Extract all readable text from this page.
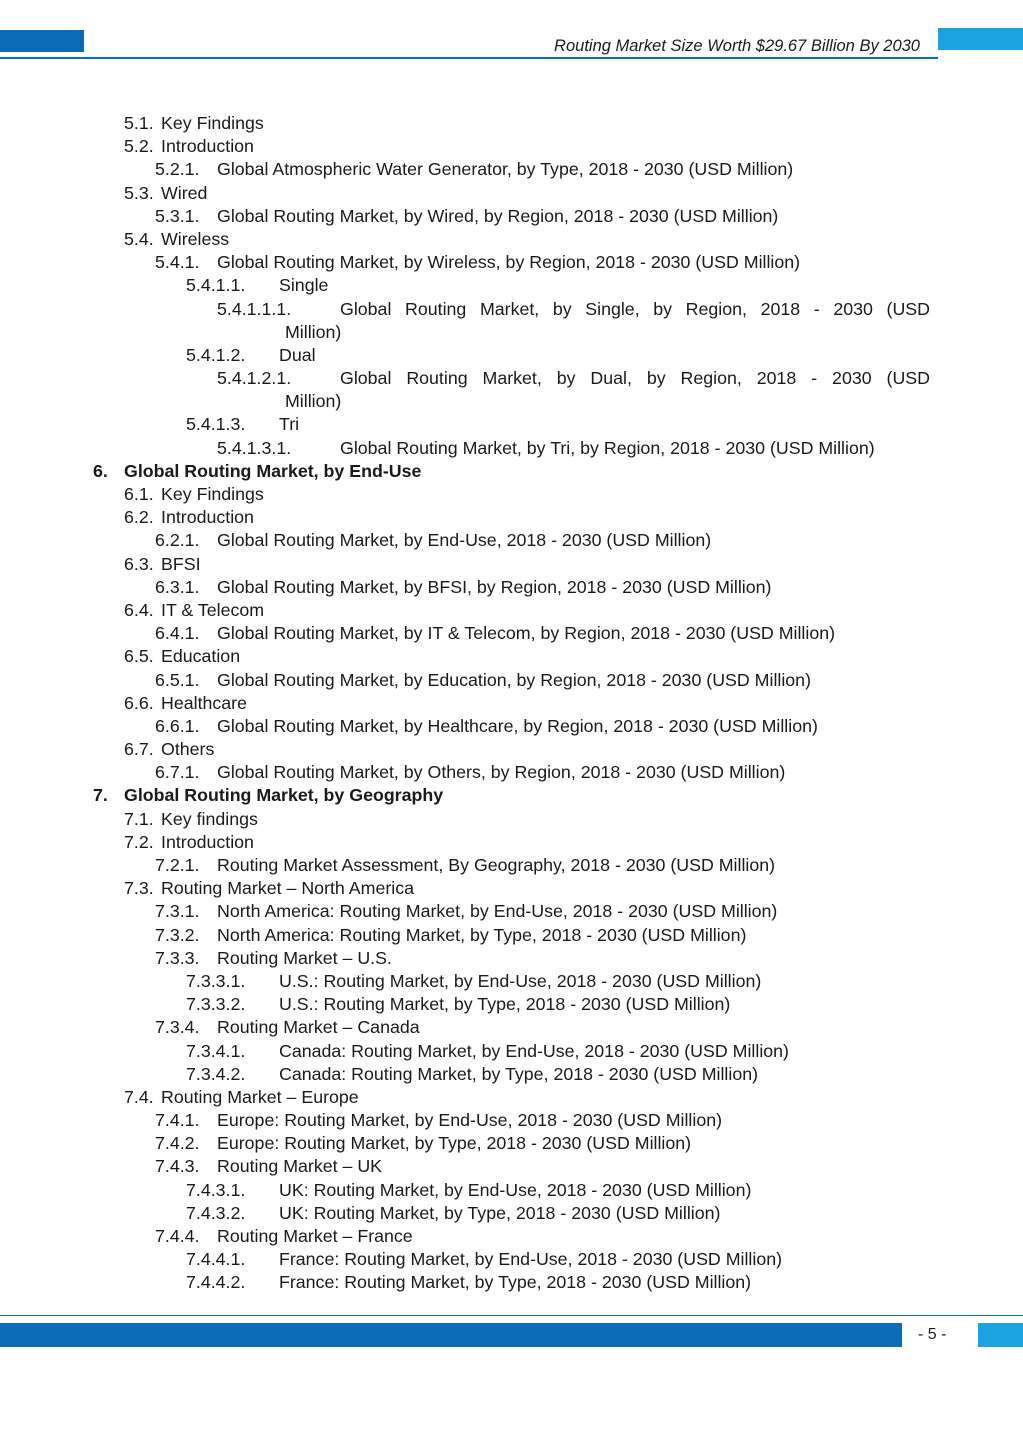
Routing Market Size Worth $29.67 Billion By 2030
5.1. Key Findings
5.2. Introduction
5.2.1. Global Atmospheric Water Generator, by Type, 2018 - 2030 (USD Million)
5.3. Wired
5.3.1. Global Routing Market, by Wired, by Region, 2018 - 2030 (USD Million)
5.4. Wireless
5.4.1. Global Routing Market, by Wireless, by Region, 2018 - 2030 (USD Million)
5.4.1.1. Single
5.4.1.1.1.	Global Routing Market, by Single, by Region, 2018 - 2030 (USD
Million)
5.4.1.2. Dual
5.4.1.2.1.	Global Routing Market, by Dual, by Region, 2018 - 2030 (USD
Million)
5.4.1.3. Tri
5.4.1.3.1.	Global Routing Market, by Tri, by Region, 2018 - 2030 (USD Million)
6. Global Routing Market, by End-Use
6.1. Key Findings
6.2. Introduction
6.2.1. Global Routing Market, by End-Use, 2018 - 2030 (USD Million)
6.3. BFSI
6.3.1. Global Routing Market, by BFSI, by Region, 2018 - 2030 (USD Million)
6.4. IT & Telecom
6.4.1. Global Routing Market, by IT & Telecom, by Region, 2018 - 2030 (USD Million)
6.5. Education
6.5.1. Global Routing Market, by Education, by Region, 2018 - 2030 (USD Million)
6.6. Healthcare
6.6.1. Global Routing Market, by Healthcare, by Region, 2018 - 2030 (USD Million)
6.7. Others
6.7.1. Global Routing Market, by Others, by Region, 2018 - 2030 (USD Million)
7. Global Routing Market, by Geography
7.1. Key findings
7.2. Introduction
7.2.1. Routing Market Assessment, By Geography, 2018 - 2030 (USD Million)
7.3. Routing Market – North America
7.3.1. North America: Routing Market, by End-Use, 2018 - 2030 (USD Million)
7.3.2. North America: Routing Market, by Type, 2018 - 2030 (USD Million)
7.3.3. Routing Market – U.S.
7.3.3.1. U.S.: Routing Market, by End-Use, 2018 - 2030 (USD Million)
7.3.3.2. U.S.: Routing Market, by Type, 2018 - 2030 (USD Million)
7.3.4. Routing Market – Canada
7.3.4.1. Canada: Routing Market, by End-Use, 2018 - 2030 (USD Million)
7.3.4.2. Canada: Routing Market, by Type, 2018 - 2030 (USD Million)
7.4. Routing Market – Europe
7.4.1. Europe: Routing Market, by End-Use, 2018 - 2030 (USD Million)
7.4.2. Europe: Routing Market, by Type, 2018 - 2030 (USD Million)
7.4.3. Routing Market – UK
7.4.3.1. UK: Routing Market, by End-Use, 2018 - 2030 (USD Million)
7.4.3.2. UK: Routing Market, by Type, 2018 - 2030 (USD Million)
7.4.4. Routing Market – France
7.4.4.1. France: Routing Market, by End-Use, 2018 - 2030 (USD Million)
7.4.4.2. France: Routing Market, by Type, 2018 - 2030 (USD Million)
- 5 -
